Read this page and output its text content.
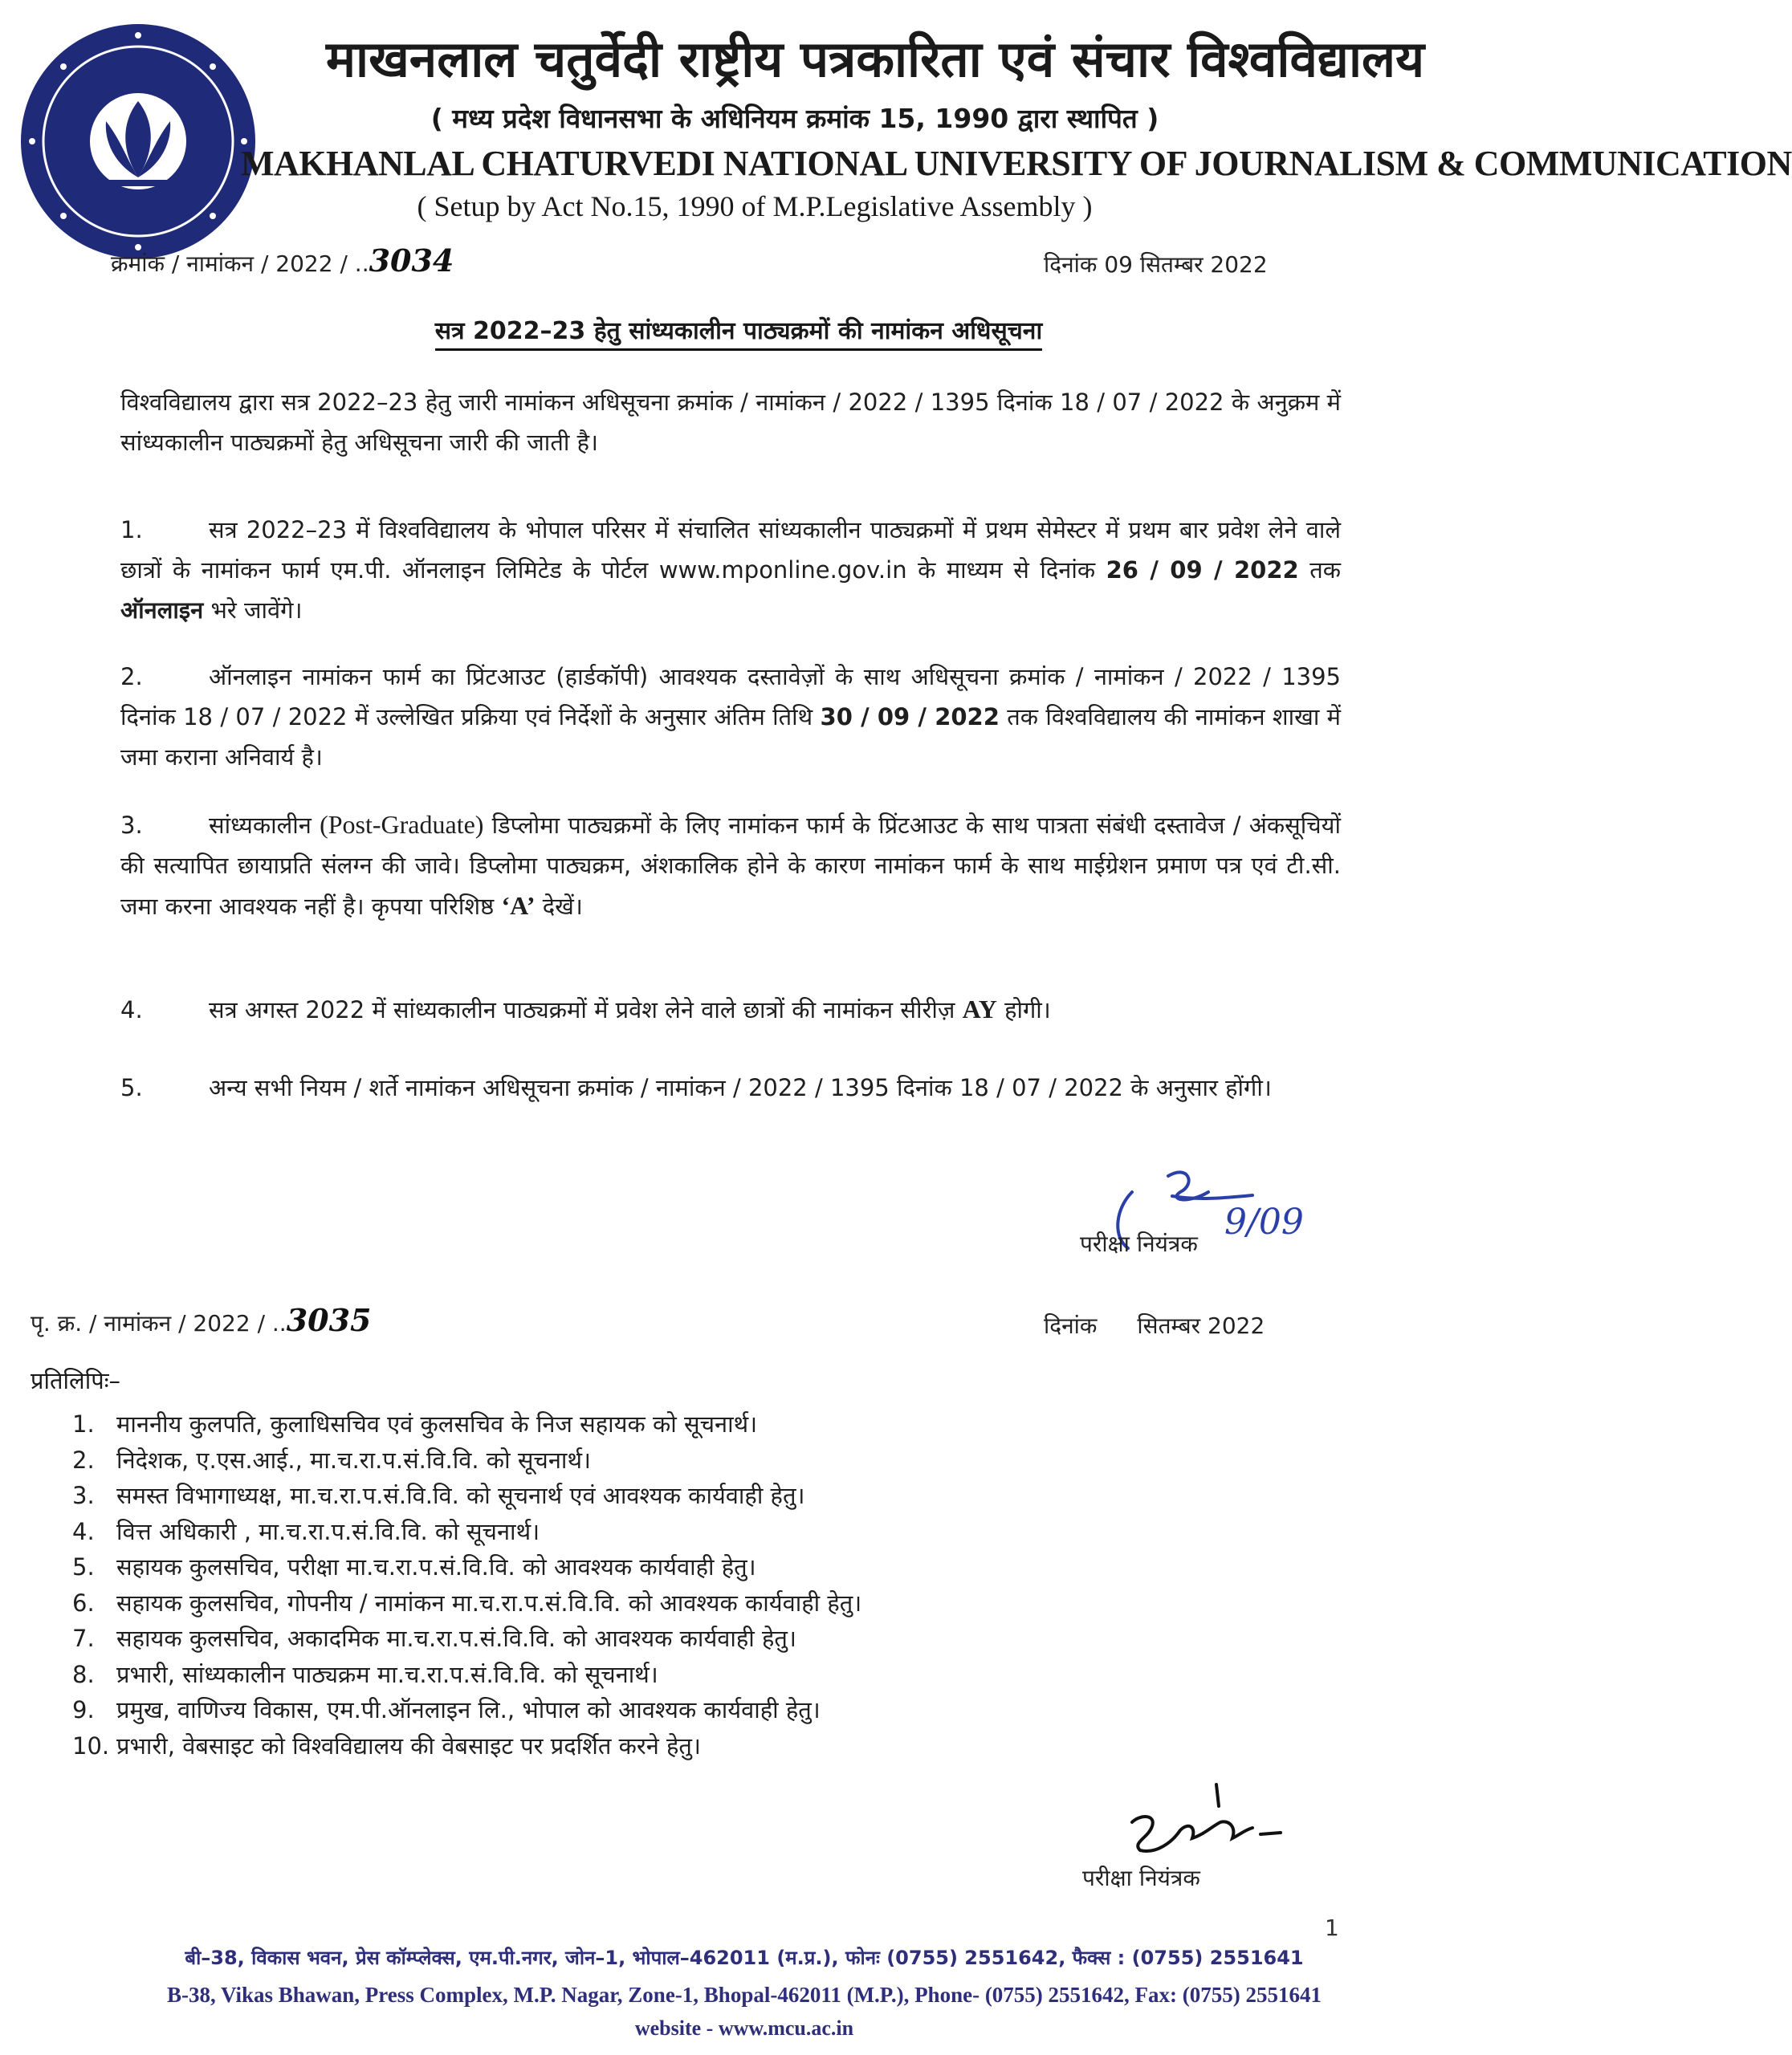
माखनलाल चतुर्वेदी राष्ट्रीय पत्रकारिता एवं संचार विश्वविद्यालय
( मध्य प्रदेश विधानसभा के अधिनियम क्रमांक 15, 1990 द्वारा स्थापित )
MAKHANLAL CHATURVEDI NATIONAL UNIVERSITY OF JOURNALISM & COMMUNICATION
( Setup by Act No.15, 1990 of M.P.Legislative Assembly )
क्रमांक / नामांकन / 2022 / ..3034	दिनांक 09 सितम्बर 2022
सत्र 2022–23 हेतु सांध्यकालीन पाठ्यक्रमों की नामांकन अधिसूचना

विश्वविद्यालय द्वारा सत्र 2022–23 हेतु जारी नामांकन अधिसूचना क्रमांक / नामांकन / 2022 / 1395 दिनांक 18 / 07 / 2022 के अनुक्रम में सांध्यकालीन पाठ्यक्रमों हेतु अधिसूचना जारी की जाती है।

1.	सत्र 2022–23 में विश्वविद्यालय के भोपाल परिसर में संचालित सांध्यकालीन पाठ्यक्रमों में प्रथम सेमेस्टर में प्रथम बार प्रवेश लेने वाले छात्रों के नामांकन फार्म एम.पी. ऑनलाइन लिमिटेड के पोर्टल www.mponline.gov.in के माध्यम से दिनांक 26 / 09 / 2022 तक ऑनलाइन भरे जावेंगे।

2.	ऑनलाइन नामांकन फार्म का प्रिंटआउट (हार्डकॉपी) आवश्यक दस्तावेज़ों के साथ अधिसूचना क्रमांक / नामांकन / 2022 / 1395 दिनांक 18 / 07 / 2022 में उल्लेखित प्रक्रिया एवं निर्देशों के अनुसार अंतिम तिथि 30 / 09 / 2022 तक विश्वविद्यालय की नामांकन शाखा में जमा कराना अनिवार्य है।

3.	सांध्यकालीन (Post-Graduate) डिप्लोमा पाठ्यक्रमों के लिए नामांकन फार्म के प्रिंटआउट के साथ पात्रता संबंधी दस्तावेज / अंकसूचियों की सत्यापित छायाप्रति संलग्न की जावे। डिप्लोमा पाठ्यक्रम, अंशकालिक होने के कारण नामांकन फार्म के साथ माईग्रेशन प्रमाण पत्र एवं टी.सी. जमा करना आवश्यक नहीं है। कृपया परिशिष्ठ ‘A’ देखें।

4.	सत्र अगस्त 2022 में सांध्यकालीन पाठ्यक्रमों में प्रवेश लेने वाले छात्रों की नामांकन सीरीज़ AY होगी।

5.	अन्य सभी नियम / शर्ते नामांकन अधिसूचना क्रमांक / नामांकन / 2022 / 1395 दिनांक 18 / 07 / 2022 के अनुसार होंगी।

9/09
परीक्षा नियंत्रक
पृ. क्र. / नामांकन / 2022 / ..3035	दिनांक सितम्बर 2022
प्रतिलिपिः–
1. माननीय कुलपति, कुलाधिसचिव एवं कुलसचिव के निज सहायक को सूचनार्थ।
2. निदेशक, ए.एस.आई., मा.च.रा.प.सं.वि.वि. को सूचनार्थ।
3. समस्त विभागाध्यक्ष, मा.च.रा.प.सं.वि.वि. को सूचनार्थ एवं आवश्यक कार्यवाही हेतु।
4. वित्त अधिकारी , मा.च.रा.प.सं.वि.वि. को सूचनार्थ।
5. सहायक कुलसचिव, परीक्षा मा.च.रा.प.सं.वि.वि. को आवश्यक कार्यवाही हेतु।
6. सहायक कुलसचिव, गोपनीय / नामांकन मा.च.रा.प.सं.वि.वि. को आवश्यक कार्यवाही हेतु।
7. सहायक कुलसचिव, अकादमिक मा.च.रा.प.सं.वि.वि. को आवश्यक कार्यवाही हेतु।
8. प्रभारी, सांध्यकालीन पाठ्यक्रम मा.च.रा.प.सं.वि.वि. को सूचनार्थ।
9. प्रमुख, वाणिज्य विकास, एम.पी.ऑनलाइन लि., भोपाल को आवश्यक कार्यवाही हेतु।
10. प्रभारी, वेबसाइट को विश्वविद्यालय की वेबसाइट पर प्रदर्शित करने हेतु।
परीक्षा नियंत्रक
1
बी–38, विकास भवन, प्रेस कॉम्प्लेक्स, एम.पी.नगर, जोन–1, भोपाल–462011 (म.प्र.), फोनः (0755) 2551642, फैक्स : (0755) 2551641
B-38, Vikas Bhawan, Press Complex, M.P. Nagar, Zone-1, Bhopal-462011 (M.P.), Phone- (0755) 2551642, Fax: (0755) 2551641
website - www.mcu.ac.in
